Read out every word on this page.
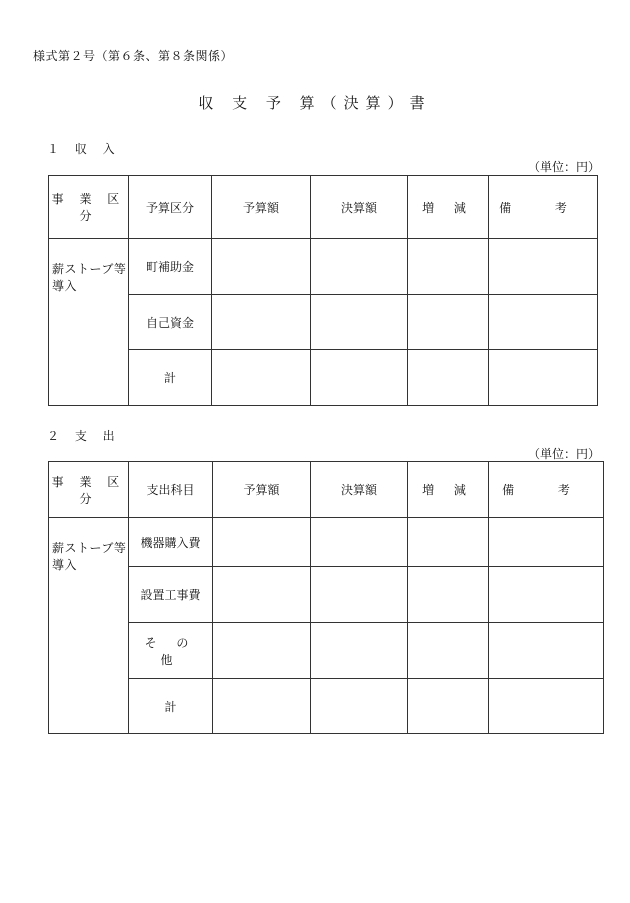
様式第２号（第６条、第８条関係）
収 支 予 算（決算）書
１ 収 入
（単位：円）
事 業 区 分	予算区分	予算額	決算額	増 減	備 考
薪ストーブ等導入	町補助金				
	自己資金				
	計				
２ 支 出
（単位：円）
事 業 区 分	支出科目	予算額	決算額	増 減	備 考
薪ストーブ等導入	機器購入費				
	設置工事費				
	そ の 他				
	計				
